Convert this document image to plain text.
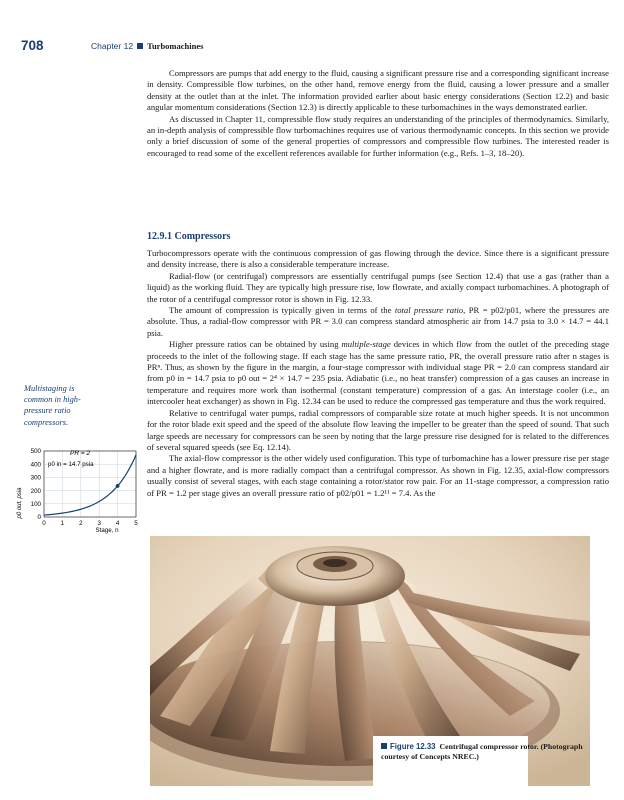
708	Chapter 12 Turbomachines

Compressors are pumps that add energy to the fluid, causing a significant pressure rise and a corresponding significant increase in density. Compressible flow turbines, on the other hand, remove energy from the fluid, causing a lower pressure and a smaller density at the outlet than at the inlet. The information provided earlier about basic energy considerations (Section 12.2) and basic angular momentum considerations (Section 12.3) is directly applicable to these turbomachines in the ways demonstrated earlier.

As discussed in Chapter 11, compressible flow study requires an understanding of the principles of thermodynamics. Similarly, an in-depth analysis of compressible flow turbomachines requires use of various thermodynamic concepts. In this section we provide only a brief discussion of some of the general properties of compressors and compressible flow turbines. The interested reader is encouraged to read some of the excellent references available for further information (e.g., Refs. 1–3, 18–20).

12.9.1 Compressors

Turbocompressors operate with the continuous compression of gas flowing through the device. Since there is a significant pressure and density increase, there is also a considerable temperature increase.

Radial-flow (or centrifugal) compressors are essentially centrifugal pumps (see Section 12.4) that use a gas (rather than a liquid) as the working fluid. They are typically high pressure rise, low flowrate, and axially compact turbomachines. A photograph of the rotor of a centrifugal compressor rotor is shown in Fig. 12.33.

The amount of compression is typically given in terms of the total pressure ratio, PR = p02/p01, where the pressures are absolute. Thus, a radial-flow compressor with PR = 3.0 can compress standard atmospheric air from 14.7 psia to 3.0 × 14.7 = 44.1 psia.

Higher pressure ratios can be obtained by using multiple-stage devices in which flow from the outlet of the preceding stage proceeds to the inlet of the following stage. If each stage has the same pressure ratio, PR, the overall pressure ratio after n stages is PRⁿ. Thus, as shown by the figure in the margin, a four-stage compressor with individual stage PR = 2.0 can compress standard air from p0 in = 14.7 psia to p0 out = 2⁴ × 14.7 = 235 psia. Adiabatic (i.e., no heat transfer) compression of a gas causes an increase in temperature and requires more work than isothermal (constant temperature) compression of a gas. An interstage cooler (i.e., an intercooler heat exchanger) as shown in Fig. 12.34 can be used to reduce the compressed gas temperature and thus the work required.

Relative to centrifugal water pumps, radial compressors of comparable size rotate at much higher speeds. It is not uncommon for the rotor blade exit speed and the speed of the absolute flow leaving the impeller to be greater than the speed of sound. That such large speeds are necessary for compressors can be seen by noting that the large pressure rise designed for is related to the differences of several squared speeds (see Eq. 12.14).

The axial-flow compressor is the other widely used configuration. This type of turbomachine has a lower pressure rise per stage and a higher flowrate, and is more radially compact than a centrifugal compressor. As shown in Fig. 12.35, axial-flow compressors usually consist of several stages, with each stage containing a rotor/stator row pair. For an 11-stage compressor, a compression ratio of PR = 1.2 per stage gives an overall pressure ratio of p02/p01 = 1.2¹¹ = 7.4. As the

Multistaging is common in high-pressure ratio compressors.
0
100
200
300
400
500
0 1 2 3 4 5
PR = 2
p0 in = 14.7 psia
p0 out, psia
Stage, n
Figure 12.33 Centrifugal compressor rotor. (Photograph courtesy of Concepts NREC.)
